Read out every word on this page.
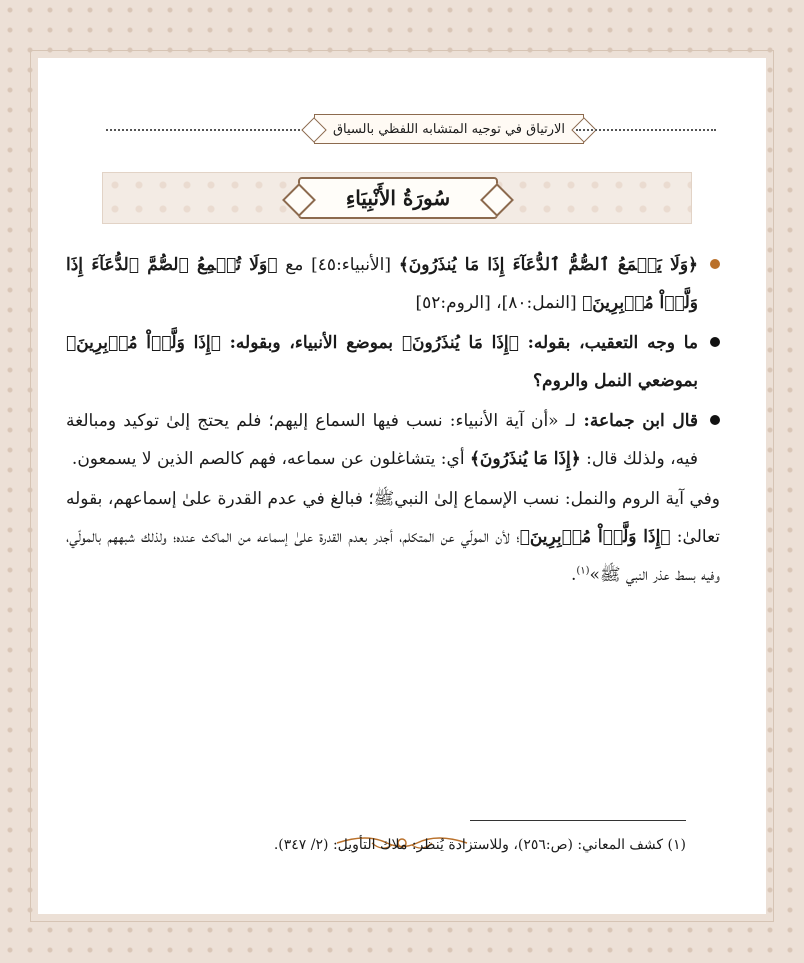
الارتياق في توجيه المتشابه اللفظي بالسياق
سُورَةُ الأَنْبِيَاءِ
﴿وَلَا يَسۡمَعُ ٱلصُّمُّ ٱلدُّعَآءَ إِذَا مَا يُنذَرُونَ﴾ [الأنبياء:٤٥] مع ﴿وَلَا تُسۡمِعُ ٱلصُّمَّ ٱلدُّعَآءَ إِذَا وَلَّوۡاْ مُدۡبِرِينَ﴾ [النمل:٨٠]، [الروم:٥٢]
ما وجه التعقيب، بقوله: ﴿إِذَا مَا يُنذَرُونَ﴾ بموضع الأنبياء، وبقوله: ﴿إِذَا وَلَّوۡاْ مُدۡبِرِينَ﴾ بموضعي النمل والروم؟
قال ابن جماعة: لـ «أن آية الأنبياء: نسب فيها السماع إليهم؛ فلم يحتج إلىٰ توكيد ومبالغة فيه، ولذلك قال: ﴿إِذَا مَا يُنذَرُونَ﴾ أي: يتشاغلون عن سماعه، فهم كالصم الذين لا يسمعون.

وفي آية الروم والنمل: نسب الإسماع إلىٰ النبيﷺ؛ فبالغ في عدم القدرة علىٰ إسماعهم، بقوله تعالىٰ: ﴿إِذَا وَلَّوۡاْ مُدۡبِرِينَ﴾؛ لأن المولّي عن المتكلم، أجدر بعدم القدرة علىٰ إسماعه من الماكث عنده؛ ولذلك شبههم بالمولّي، وفيه بسط عذر النبي ﷺ»$^{(١)}$.

(١) كشف المعاني: (ص:٢٥٦)، وللاستزادة يُنظر: ملاك التأويل: (٢/ ٣٤٧).
